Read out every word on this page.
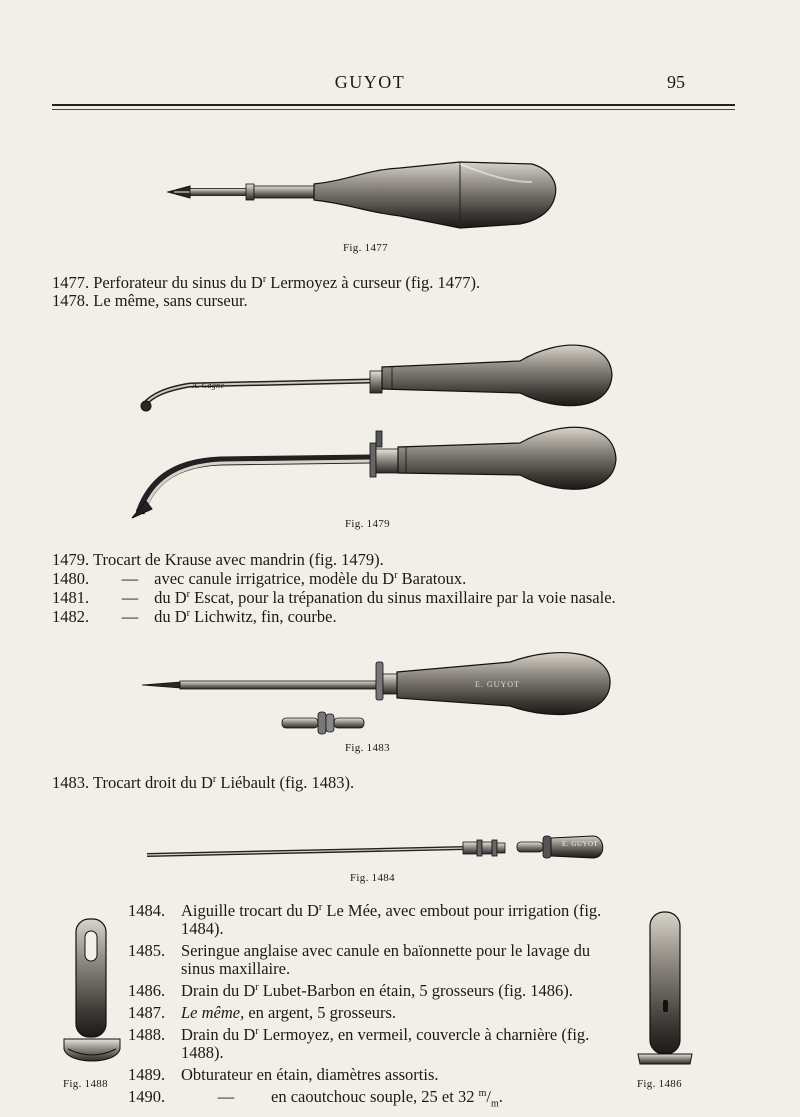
GUYOT	95
Fig. 1477
1477. Perforateur du sinus du $D^r$ Lermoyez à curseur (fig. 1477).
1478. Le même, sans curseur.
A. Cagné
Fig. 1479
1479. Trocart de Krause avec mandrin (fig. 1479).
1480. — avec canule irrigatrice, modèle du $D^r$ Baratoux.
1481. — du $D^r$ Escat, pour la trépanation du sinus maxillaire par la voie nasale.
1482. — du $D^r$ Lichwitz, fin, courbe.
E. GUYOT
Fig. 1483
1483. Trocart droit du $D^r$ Liébault (fig. 1483).
E. GUYOT
Fig. 1484
Fig. 1488	Fig. 1486
1484. Aiguille trocart du $D^r$ Le Mée, avec embout pour irrigation (fig. 1484).
1485. Seringue anglaise avec canule en baïonnette pour le lavage du sinus maxillaire.
1486. Drain du $D^r$ Lubet-Barbon en étain, 5 grosseurs (fig. 1486).
1487. Le même, en argent, 5 grosseurs.
1488. Drain du $D^r$ Lermoyez, en vermeil, couvercle à charnière (fig. 1488).
1489. Obturateur en étain, diamètres assortis.
1490.	— en caoutchouc souple, 25 et 32 $^m/_m$.
